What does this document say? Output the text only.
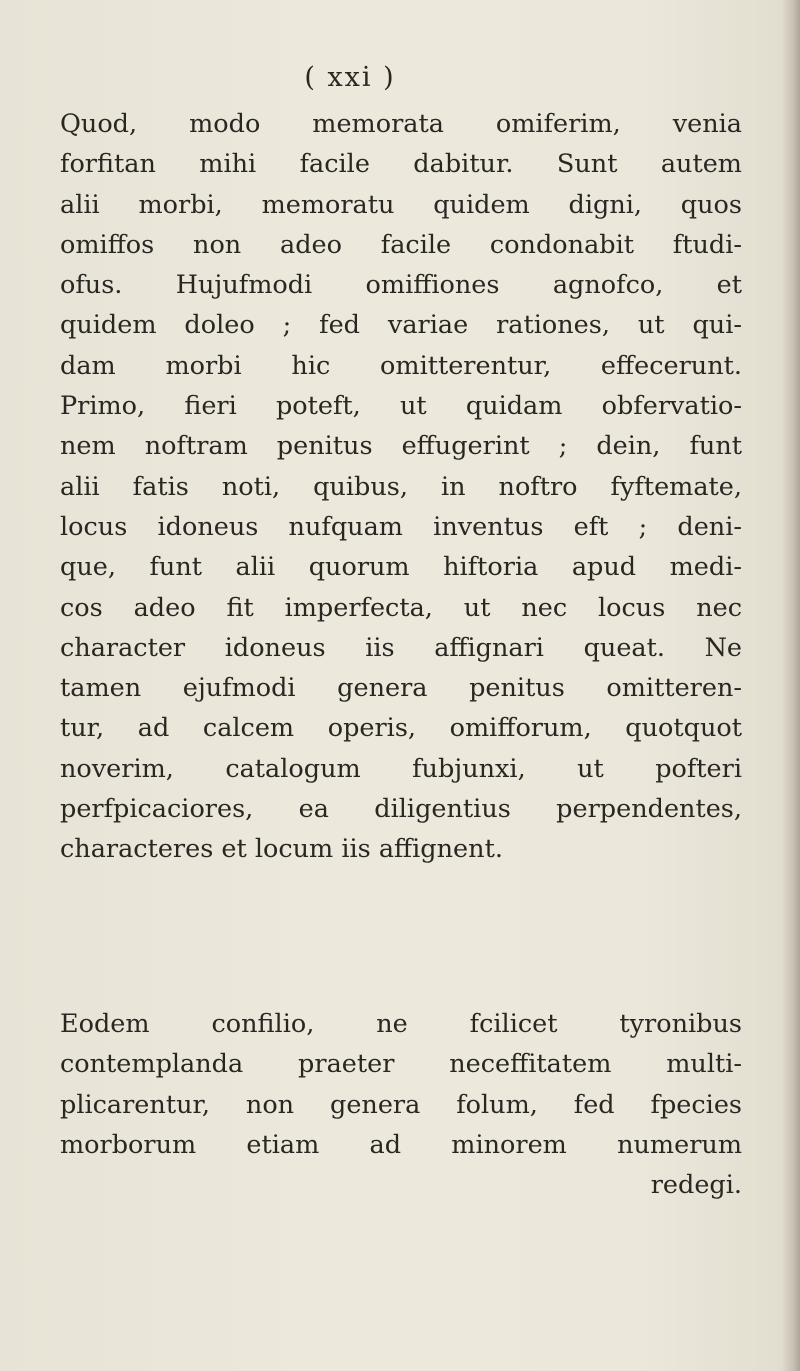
( xxi )
Quod, modo memorata omiferim, venia
forfitan mihi facile dabitur. Sunt autem
alii morbi, memoratu quidem digni, quos
omiffos non adeo facile condonabit ftudi-
ofus. Hujufmodi omiffiones agnofco, et
quidem doleo ; fed variae rationes, ut qui-
dam morbi hic omitterentur, effecerunt.
Primo, fieri poteft, ut quidam obfervatio-
nem noftram penitus effugerint ; dein, funt
alii fatis noti, quibus, in noftro fyftemate,
locus idoneus nufquam inventus eft ; deni-
que, funt alii quorum hiftoria apud medi-
cos adeo fit imperfecta, ut nec locus nec
character idoneus iis affignari queat. Ne
tamen ejufmodi genera penitus omitteren-
tur, ad calcem operis, omifforum, quotquot
noverim, catalogum fubjunxi, ut pofteri
perfpicaciores, ea diligentius perpendentes,
characteres et locum iis affignent.
Eodem confilio, ne fcilicet tyronibus
contemplanda praeter neceffitatem multi-
plicarentur, non genera folum, fed fpecies
morborum etiam ad minorem numerum
redegi.
